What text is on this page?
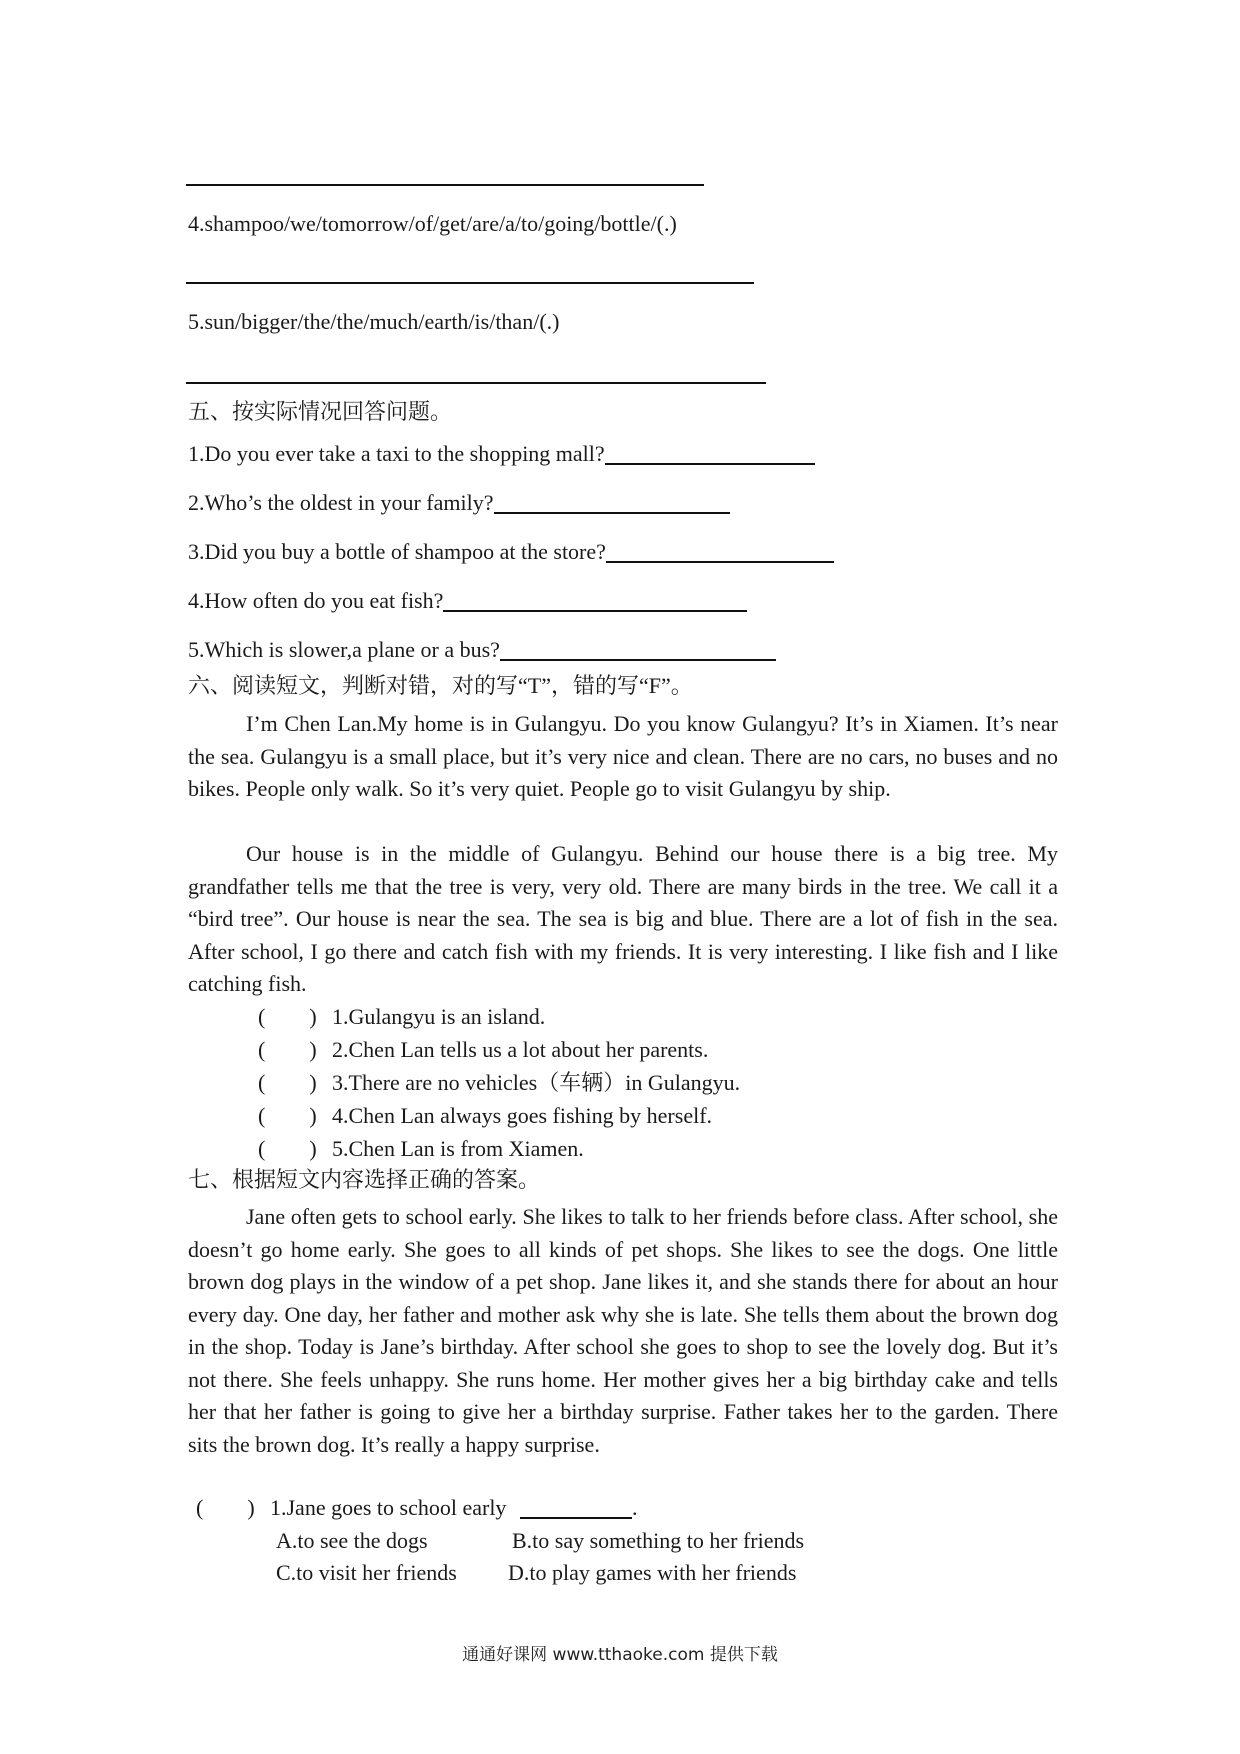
4.shampoo/we/tomorrow/of/get/are/a/to/going/bottle/(.)
5.sun/bigger/the/the/much/earth/is/than/(.)
五、按实际情况回答问题。
1.Do you ever take a taxi to the shopping mall?
2.Who’s the oldest in your family?
3.Did you buy a bottle of shampoo at the store?
4.How often do you eat fish?
5.Which is slower,a plane or a bus?
六、阅读短文，判断对错，对的写“T”，错的写“F”。
I’m Chen Lan.My home is in Gulangyu. Do you know Gulangyu? It’s in Xiamen. It’s near the sea. Gulangyu is a small place, but it’s very nice and clean. There are no cars, no buses and no bikes. People only walk. So it’s very quiet. People go to visit Gulangyu by ship.
Our house is in the middle of Gulangyu. Behind our house there is a big tree. My grandfather tells me that the tree is very, very old. There are many birds in the tree. We call it a “bird tree”. Our house is near the sea. The sea is big and blue. There are a lot of fish in the sea. After school, I go there and catch fish with my friends. It is very interesting. I like fish and I like catching fish.
(　　) 1.Gulangyu is an island.
(　　) 2.Chen Lan tells us a lot about her parents.
(　　) 3.There are no vehicles（车辆）in Gulangyu.
(　　) 4.Chen Lan always goes fishing by herself.
(　　) 5.Chen Lan is from Xiamen.
七、根据短文内容选择正确的答案。
Jane often gets to school early. She likes to talk to her friends before class. After school, she doesn’t go home early. She goes to all kinds of pet shops. She likes to see the dogs. One little brown dog plays in the window of a pet shop. Jane likes it, and she stands there for about an hour every day. One day, her father and mother ask why she is late. She tells them about the brown dog in the shop. Today is Jane’s birthday. After school she goes to shop to see the lovely dog. But it’s not there. She feels unhappy. She runs home. Her mother gives her a big birthday cake and tells her that her father is going to give her a birthday surprise. Father takes her to the garden. There sits the brown dog. It’s really a happy surprise.
(　　) 1.Jane goes to school early	.
A.to see the dogs	B.to say something to her friends
C.to visit her friends D.to play games with her friends
通通好课网 www.tthaoke.com 提供下载
